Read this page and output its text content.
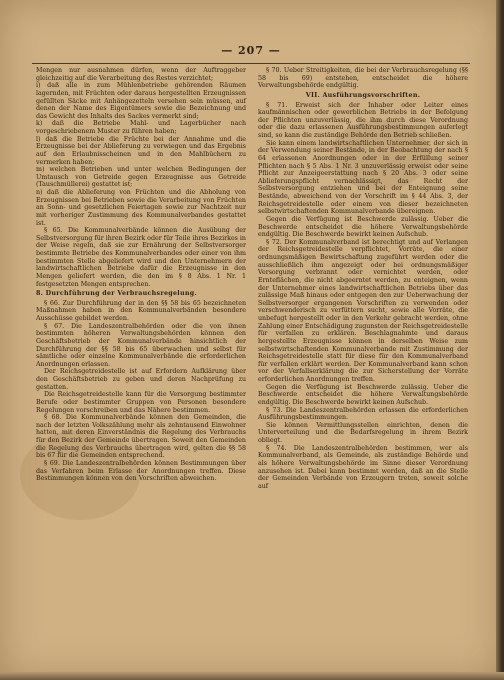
— 207 —

Mengen nur ausnahmen dürfen, wenn der Auftraggeber gleichzeitig auf die Verarbeitung des Restes verzichtet;

i) daß alle in zum Mühlenbetriebe gehörenden Räumen lagernden, mit Früchten oder daraus hergestellten Erzeugnissen gefüllten Säcke mit Anhängezetteln versehen sein müssen, auf denen der Name des Eigentümers sowie die Bezeichnung und das Gewicht des Inhalts des Sackes vermerkt sind;

k) daß die Betriebe Mahl- und Lagerbücher nach vorgeschriebenem Muster zu führen haben;

l) daß die Betriebe die Früchte bei der Annahme und die Erzeugnisse bei der Ablieferung zu verwiegen und das Ergebnis auf den Erlaubnisscheinen und in den Mahlbüchern zu vermerken haben;

m) welchen Betrieben und unter welchen Bedingungen der Umtausch von Getreide gegen Erzeugnisse aus Getreide (Tauschmüllerei) gestattet ist;

n) daß die Ablieferung von Früchten und die Abholung von Erzeugnissen bei Betrieben sowie die Verarbeitung von Früchten an Sonn- und gesetzlichen Feiertagen sowie zur Nachtzeit nur mit vorheriger Zustimmung des Kommunalverbandes gestattet ist.

§ 65. Die Kommunalverbände können die Ausübung der Selbstversorgung für ihren Bezirk oder für Teile ihres Bezirkes in der Weise regeln, daß sie zur Ernährung der Selbstversorger bestimmte Betriebe des Kommunalverbandes oder einer von ihm bestimmten Stelle abgeliefert wird und den Unternehmern der landwirtschaftlichen Betriebe dafür die Erzeugnisse in den Mengen geliefert werden, die den im § 8 Abs. 1 Nr. 1 festgesetzten Mengen entsprechen.

8. Durchführung der Verbrauchsregelung.

§ 66. Zur Durchführung der in den §§ 58 bis 65 bezeichneten Maßnahmen haben in den Kommunalverbänden besondere Ausschüsse gebildet werden.

§ 67. Die Landeszentralbehörden oder die von ihnen bestimmten höheren Verwaltungsbehörden können den Geschäftsbetrieb der Kommunalverbände hinsichtlich der Durchführung der §§ 58 bis 65 überwachen und selbst für sämtliche oder einzelne Kommunalverbände die erforderlichen Anordnungen erlassen.

Der Reichsgetreidestelle ist auf Erfordern Aufklärung über den Geschäftsbetrieb zu geben und deren Nachprüfung zu gestatten.

Die Reichsgetreidestelle kann für die Versorgung bestimmter Berufe oder bestimmter Gruppen von Personen besondere Regelungen vorschreiben und das Nähere bestimmen.

§ 68. Die Kommunalverbände können den Gemeinden, die nach der letzten Volkszählung mehr als zehntausend Einwohner hatten, mit deren Einverständnis die Regelung des Verbrauchs für den Bezirk der Gemeinde übertragen. Soweit den Gemeinden die Regelung des Verbrauchs übertragen wird, gelten die §§ 58 bis 67 für die Gemeinden entsprechend.

§ 69. Die Landeszentralbehörden können Bestimmungen über das Verfahren beim Erlasse der Anordnungen treffen. Diese Bestimmungen können von den Vorschriften abweichen.

§ 70. Ueber Streitigkeiten, die bei der Verbrauchsregelung (§§ 58 bis 69) entstehen, entscheidet die höhere Verwaltungsbehörde endgültig.

VII. Ausführungsvorschriften.

§ 71. Erweist sich der Inhaber oder Leiter eines kaufmännischen oder gewerblichen Betriebs in der Befolgung der Pflichten unzuverlässig, die ihm durch diese Verordnung oder die dazu erlassenen Ausführungsbestimmungen auferlegt sind, so kann die zuständige Behörde den Betrieb schließen.

Sie kann einem landwirtschaftlichen Unternehmer, der sich in der Verwendung seiner Bestände, in der Beobachtung der nach § 64 erlassenen Anordnungen oder in der Erfüllung seiner Pflichten nach § 5 Abs. 1 Nr. 3 unzuverlässig erweist oder seine Pflicht zur Anzeigeerstattung nach § 20 Abs. 3 oder seine Ablieferungspflicht vernachlässigt, das Recht der Selbstversorgung entziehen und bei der Enteignung seine Bestände, abweichend von der Vorschrift im § 44 Abs. 3, der Reichsgetreidestelle oder einem von dieser bezeichneten selbstwirtschaftenden Kommunalverbande übereignen.

Gegen die Verfügung ist Beschwerde zulässig. Ueber die Beschwerde entscheidet die höhere Verwaltungsbehörde endgültig. Die Beschwerde bewirkt keinen Aufschub.

§ 72. Der Kommunalverband ist berechtigt und auf Verlangen der Reichsgetreidestelle verpflichtet, Vorräte, die einer ordnungsmäßigen Bewirtschaftung zugeführt werden oder die ausschließlich ihm angezeigt oder bei ordnungsmäßiger Versorgung verbrannt oder vernichtet werden, oder Ernteflächen, die nicht abgeerntet werden, zu enteignen, wenn der Unternehmer eines landwirtschaftlichen Betriebs über das zulässige Maß hinaus oder entgegen den zur Ueberwachung der Selbstversorger ergangenen Vorschriften zu verwenden oder verschwenderisch zu verfüttern sucht, sowie alle Vorräte, die unbefugt hergestellt oder in den Verkehr gebracht werden, ohne Zahlung einer Entschädigung zugunsten der Reichsgetreidestelle für verfallen zu erklären. Beschlagnahmte und daraus hergestellte Erzeugnisse können in derselben Weise zum selbstwirtschaftenden Kommunalverbande mit Zustimmung der Reichsgetreidestelle statt für diese für den Kommunalverband für verfallen erklärt werden. Der Kommunalverband kann schon vor der Verfallserklärung die zur Sicherstellung der Vorräte erforderlichen Anordnungen treffen.

Gegen die Verfügung ist Beschwerde zulässig. Ueber die Beschwerde entscheidet die höhere Verwaltungsbehörde endgültig. Die Beschwerde bewirkt keinen Aufschub.

§ 73. Die Landeszentralbehörden erlassen die erforderlichen Ausführungsbestimmungen.

Sie können Vermittlungsstellen einrichten, denen die Unterverteilung und die Bedarfsregelung in ihrem Bezirk obliegt.

§ 74. Die Landeszentralbehörden bestimmen, wer als Kommunalverband, als Gemeinde, als zuständige Behörde und als höhere Verwaltungsbehörde im Sinne dieser Verordnung anzusehen ist. Dabei kann bestimmt werden, daß an die Stelle der Gemeinden Verbände von Erzeugern treten, soweit solche auf
